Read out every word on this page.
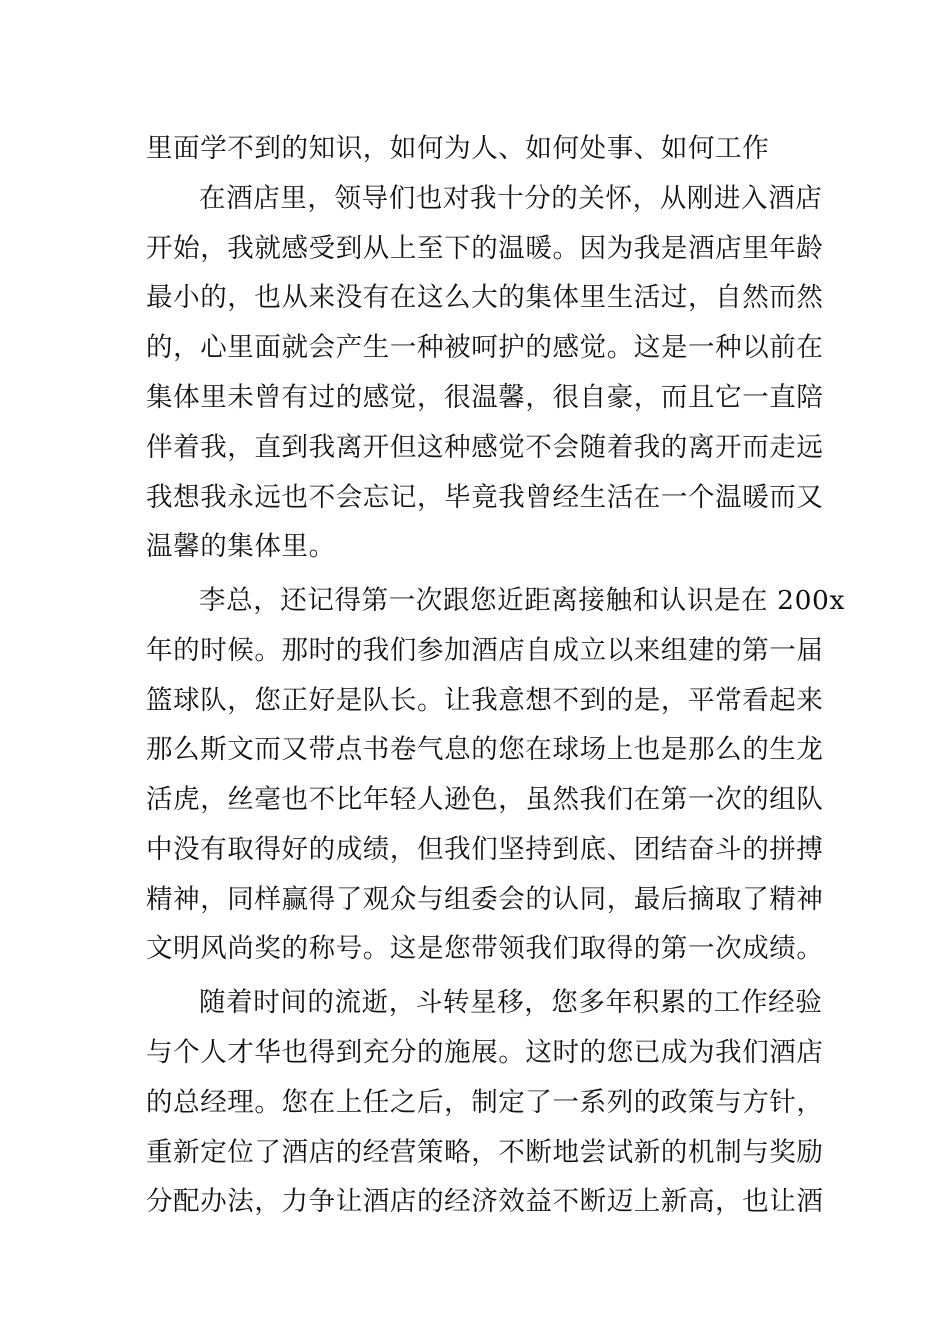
里面学不到的知识，如何为人、如何处事、如何工作
在酒店里，领导们也对我十分的关怀，从刚进入酒店
开始，我就感受到从上至下的温暖。因为我是酒店里年龄
最小的，也从来没有在这么大的集体里生活过，自然而然
的，心里面就会产生一种被呵护的感觉。这是一种以前在
集体里未曾有过的感觉，很温馨，很自豪，而且它一直陪
伴着我，直到我离开但这种感觉不会随着我的离开而走远
我想我永远也不会忘记，毕竟我曾经生活在一个温暖而又
温馨的集体里。
李总，还记得第一次跟您近距离接触和认识是在 200x
年的时候。那时的我们参加酒店自成立以来组建的第一届
篮球队，您正好是队长。让我意想不到的是，平常看起来
那么斯文而又带点书卷气息的您在球场上也是那么的生龙
活虎，丝毫也不比年轻人逊色，虽然我们在第一次的组队
中没有取得好的成绩，但我们坚持到底、团结奋斗的拼搏
精神，同样赢得了观众与组委会的认同，最后摘取了精神
文明风尚奖的称号。这是您带领我们取得的第一次成绩。
随着时间的流逝，斗转星移，您多年积累的工作经验
与个人才华也得到充分的施展。这时的您已成为我们酒店
的总经理。您在上任之后，制定了一系列的政策与方针，
重新定位了酒店的经营策略，不断地尝试新的机制与奖励
分配办法，力争让酒店的经济效益不断迈上新高，也让酒
